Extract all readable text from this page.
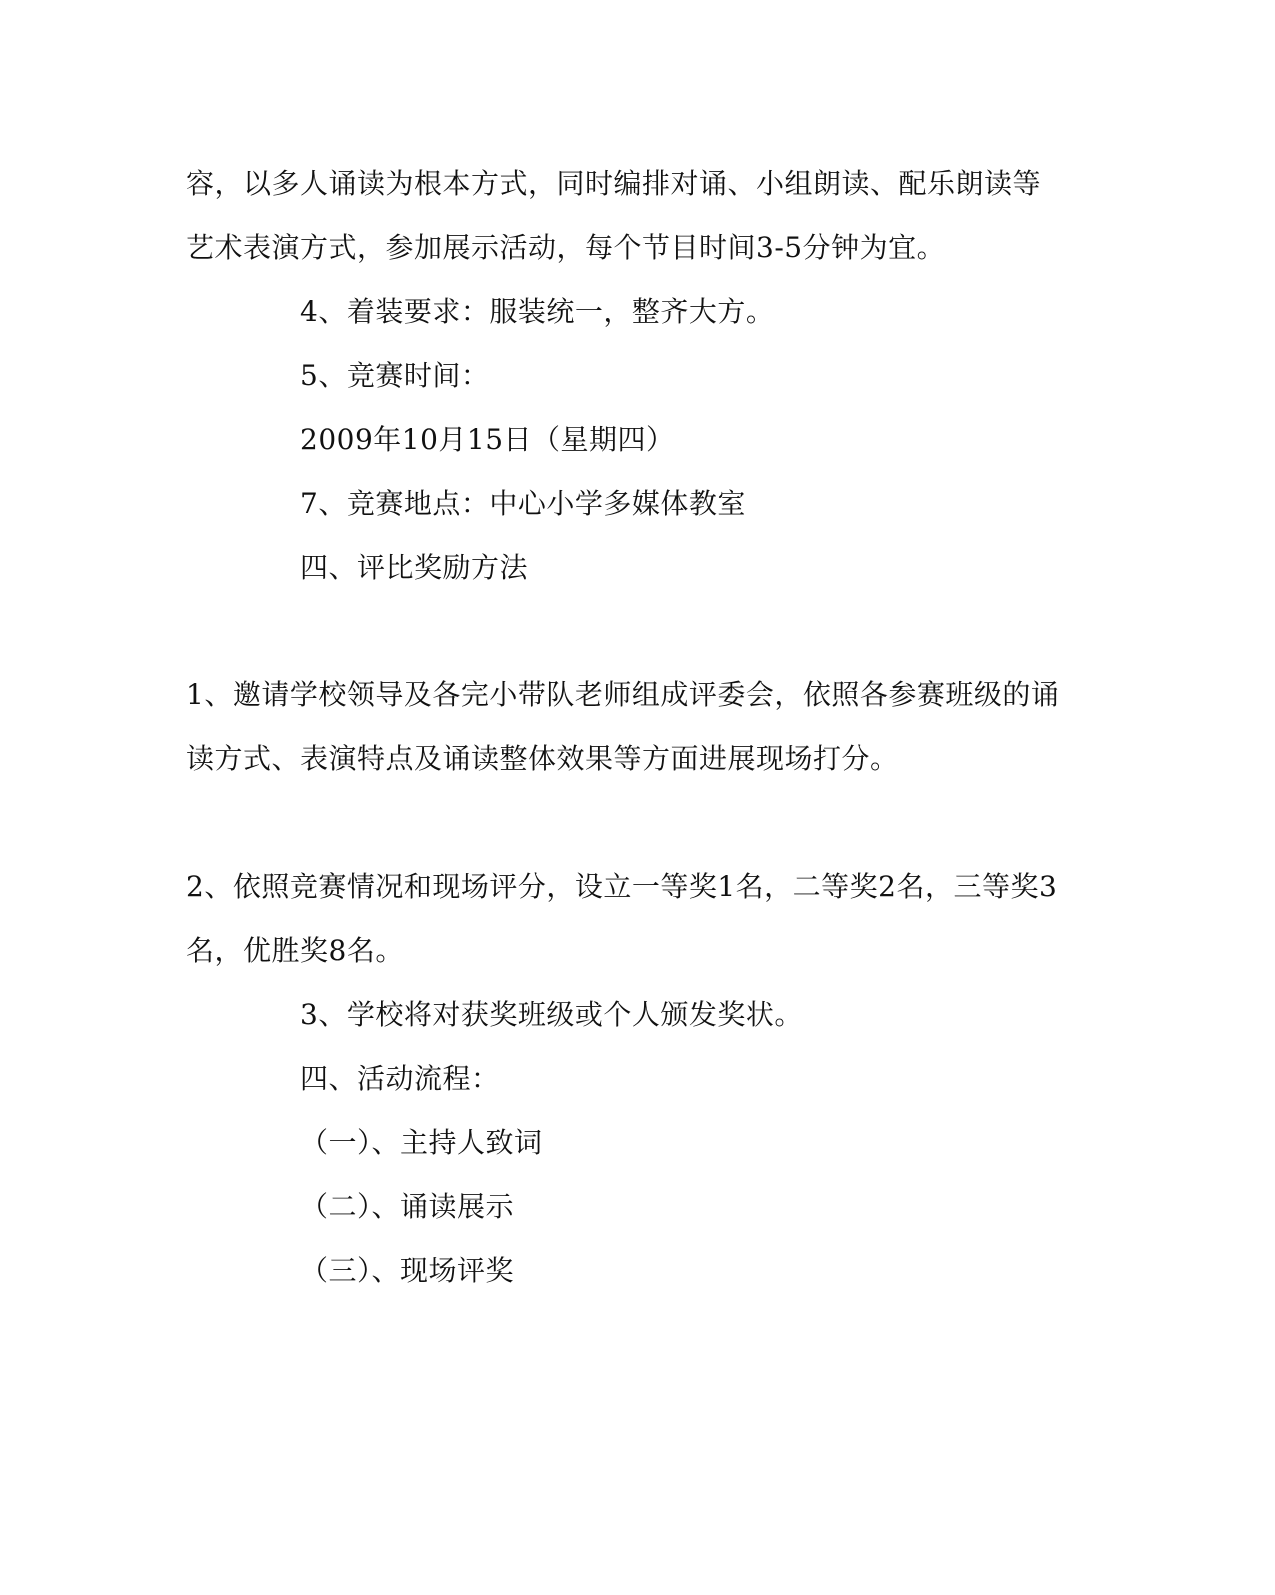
容，以多人诵读为根本方式，同时编排对诵、小组朗读、配乐朗读等
艺术表演方式，参加展示活动，每个节目时间3-5分钟为宜。
4、着装要求：服装统一，整齐大方。
5、竞赛时间：
2009年10月15日（星期四）
7、竞赛地点：中心小学多媒体教室
四、评比奖励方法
1、邀请学校领导及各完小带队老师组成评委会，依照各参赛班级的诵
读方式、表演特点及诵读整体效果等方面进展现场打分。
2、依照竞赛情况和现场评分，设立一等奖1名，二等奖2名，三等奖3
名，优胜奖8名。
3、学校将对获奖班级或个人颁发奖状。
四、活动流程：
（一）、主持人致词
（二）、诵读展示
（三）、现场评奖
